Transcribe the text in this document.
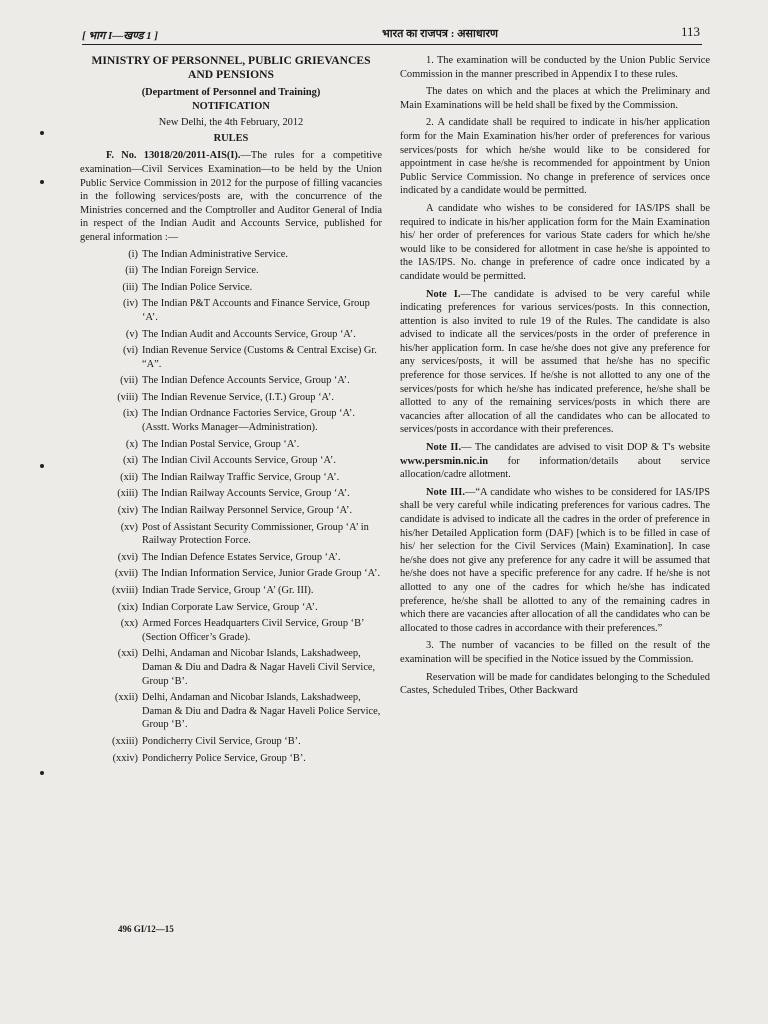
[ भाग I—खण्ड 1 ]	भारत का राजपत्र : असाधारण	113

MINISTRY OF PERSONNEL, PUBLIC GRIEVANCES

AND PENSIONS

(Department of Personnel and Training)

NOTIFICATION

New Delhi, the 4th February, 2012

RULES

F. No. 13018/20/2011-AIS(I).—The rules for a competitive examination—Civil Services Examination—to be held by the Union Public Service Commission in 2012 for the purpose of filling vacancies in the following services/posts are, with the concurrence of the Ministries concerned and the Comptroller and Auditor General of India in respect of the Indian Audit and Accounts Service, published for general information :—

(i) The Indian Administrative Service.
(ii) The Indian Foreign Service.
(iii) The Indian Police Service.
(iv) The Indian P&T Accounts and Finance Service, Group ‘A’.
(v) The Indian Audit and Accounts Service, Group ‘A’.
(vi) Indian Revenue Service (Customs & Central Excise) Gr. “A”.
(vii) The Indian Defence Accounts Service, Group ‘A’.
(viii) The Indian Revenue Service, (I.T.) Group ‘A’.
(ix) The Indian Ordnance Factories Service, Group ‘A’. (Asstt. Works Manager—Administration).
(x) The Indian Postal Service, Group ‘A’.
(xi) The Indian Civil Accounts Service, Group ‘A’.
(xii) The Indian Railway Traffic Service, Group ‘A’.
(xiii) The Indian Railway Accounts Service, Group ‘A’.
(xiv) The Indian Railway Personnel Service, Group ‘A’.
(xv) Post of Assistant Security Commissioner, Group ‘A’ in Railway Protection Force.
(xvi) The Indian Defence Estates Service, Group ‘A’.
(xvii) The Indian Information Service, Junior Grade Group ‘A’.
(xviii) Indian Trade Service, Group ‘A’ (Gr. III).
(xix) Indian Corporate Law Service, Group ‘A’.
(xx) Armed Forces Headquarters Civil Service, Group ‘B’ (Section Officer’s Grade).
(xxi) Delhi, Andaman and Nicobar Islands, Lakshadweep, Daman & Diu and Dadra & Nagar Haveli Civil Service, Group ‘B’.
(xxii) Delhi, Andaman and Nicobar Islands, Lakshadweep, Daman & Diu and Dadra & Nagar Haveli Police Service, Group ‘B’.
(xxiii) Pondicherry Civil Service, Group ‘B’.
(xxiv) Pondicherry Police Service, Group ‘B’.

1. The examination will be conducted by the Union Public Service Commission in the manner prescribed in Appendix I to these rules.

The dates on which and the places at which the Preliminary and Main Examinations will be held shall be fixed by the Commission.

2. A candidate shall be required to indicate in his/her application form for the Main Examination his/her order of preferences for various services/posts for which he/she would like to be considered for appointment in case he/she is recommended for appointment by Union Public Service Commission. No change in preference of services once indicated by a candidate would be permitted.

A candidate who wishes to be considered for IAS/IPS shall be required to indicate in his/her application form for the Main Examination his/ her order of preferences for various State caders for which he/she would like to be considered for allotment in case he/she is appointed to the IAS/IPS. No. change in preference of cadre once indicated by a candidate would be permitted.

Note I.—The candidate is advised to be very careful while indicating preferences for various services/posts. In this connection, attention is also invited to rule 19 of the Rules. The candidate is also advised to indicate all the services/posts in the order of preference in his/her application form. In case he/she does not give any preference for any services/posts, it will be assumed that he/she has no specific preference for those services. If he/she is not allotted to any one of the services/posts for which he/she has indicated preference, he/she shall be allotted to any of the remaining services/posts in which there are vacancies after allocation of all the candidates who can be allocated to services/posts in accordance with their preferences.

Note II.— The candidates are advised to visit DOP & T's website www.persmin.nic.in for information/details about service allocation/cadre allotment.

Note III.—“A candidate who wishes to be considered for IAS/IPS shall be very careful while indicating preferences for various cadres. The candidate is advised to indicate all the cadres in the order of preference in his/her Detailed Application form (DAF) [which is to be filled in case of his/ her selection for the Civil Services (Main) Examination]. In case he/she does not give any preference for any cadre it will be assumed that he/she does not have a specific preference for any cadre. If he/she is not allotted to any one of the cadres for which he/she has indicated preference, he/she shall be allotted to any of the remaining cadres in which there are vacancies after allocation of all the candidates who can be allocated to those cadres in accordance with their preferences.”

3. The number of vacancies to be filled on the result of the examination will be specified in the Notice issued by the Commission.

Reservation will be made for candidates belonging to the Scheduled Castes, Scheduled Tribes, Other Backward

496 GI/12—15
